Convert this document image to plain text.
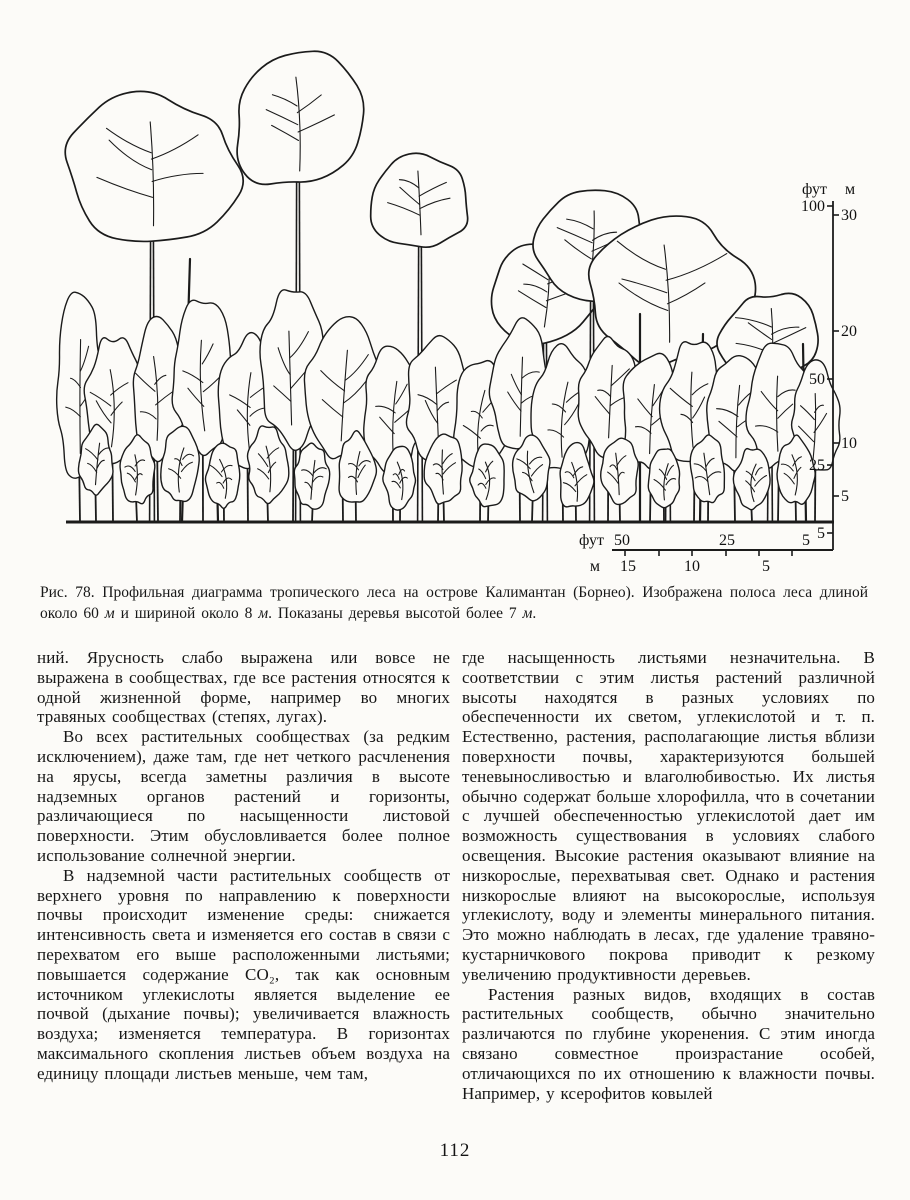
фут м
100
50
25
5
30
20
10
5
фут 50	25	5
м 15	10	5
Рис. 78. Профильная диаграмма тропического леса на острове Калимантан (Борнео). Изображена полоса леса длиной около 60 м и шириной около 8 м. Показаны деревья высотой более 7 м.

ний. Ярусность слабо выражена или вовсе не выражена в сообществах, где все растения относятся к одной жизненной форме, например во многих травяных сообществах (степях, лугах).

Во всех растительных сообществах (за редким исключением), даже там, где нет четкого расчленения на ярусы, всегда заметны различия в высоте надземных органов растений и горизонты, различающиеся по насыщенности листовой поверхности. Этим обусловливается более полное использование солнечной энергии.

В надземной части растительных сообществ от верхнего уровня по направлению к поверхности почвы происходит изменение среды: снижается интенсивность света и изменяется его состав в связи с перехватом его выше расположенными листьями; повышается содержание CO₂, так как основным источником углекислоты является выделение ее почвой (дыхание почвы); увеличивается влажность воздуха; изменяется температура. В горизонтах максимального скопления листьев объем воздуха на единицу площади листьев меньше, чем там,

где насыщенность листьями незначительна. В соответствии с этим листья растений различной высоты находятся в разных условиях по обеспеченности их светом, углекислотой и т. п. Естественно, растения, располагающие листья вблизи поверхности почвы, характеризуются большей теневыносливостью и влаголюбивостью. Их листья обычно содержат больше хлорофилла, что в сочетании с лучшей обеспеченностью углекислотой дает им возможность существования в условиях слабого освещения. Высокие растения оказывают влияние на низкорослые, перехватывая свет. Однако и растения низкорослые влияют на высокорослые, используя углекислоту, воду и элементы минерального питания. Это можно наблюдать в лесах, где удаление травяно-кустарничкового покрова приводит к резкому увеличению продуктивности деревьев.

Растения разных видов, входящих в состав растительных сообществ, обычно значительно различаются по глубине укоренения. С этим иногда связано совместное произрастание особей, отличающихся по их отношению к влажности почвы. Например, у ксерофитов ковылей

112
